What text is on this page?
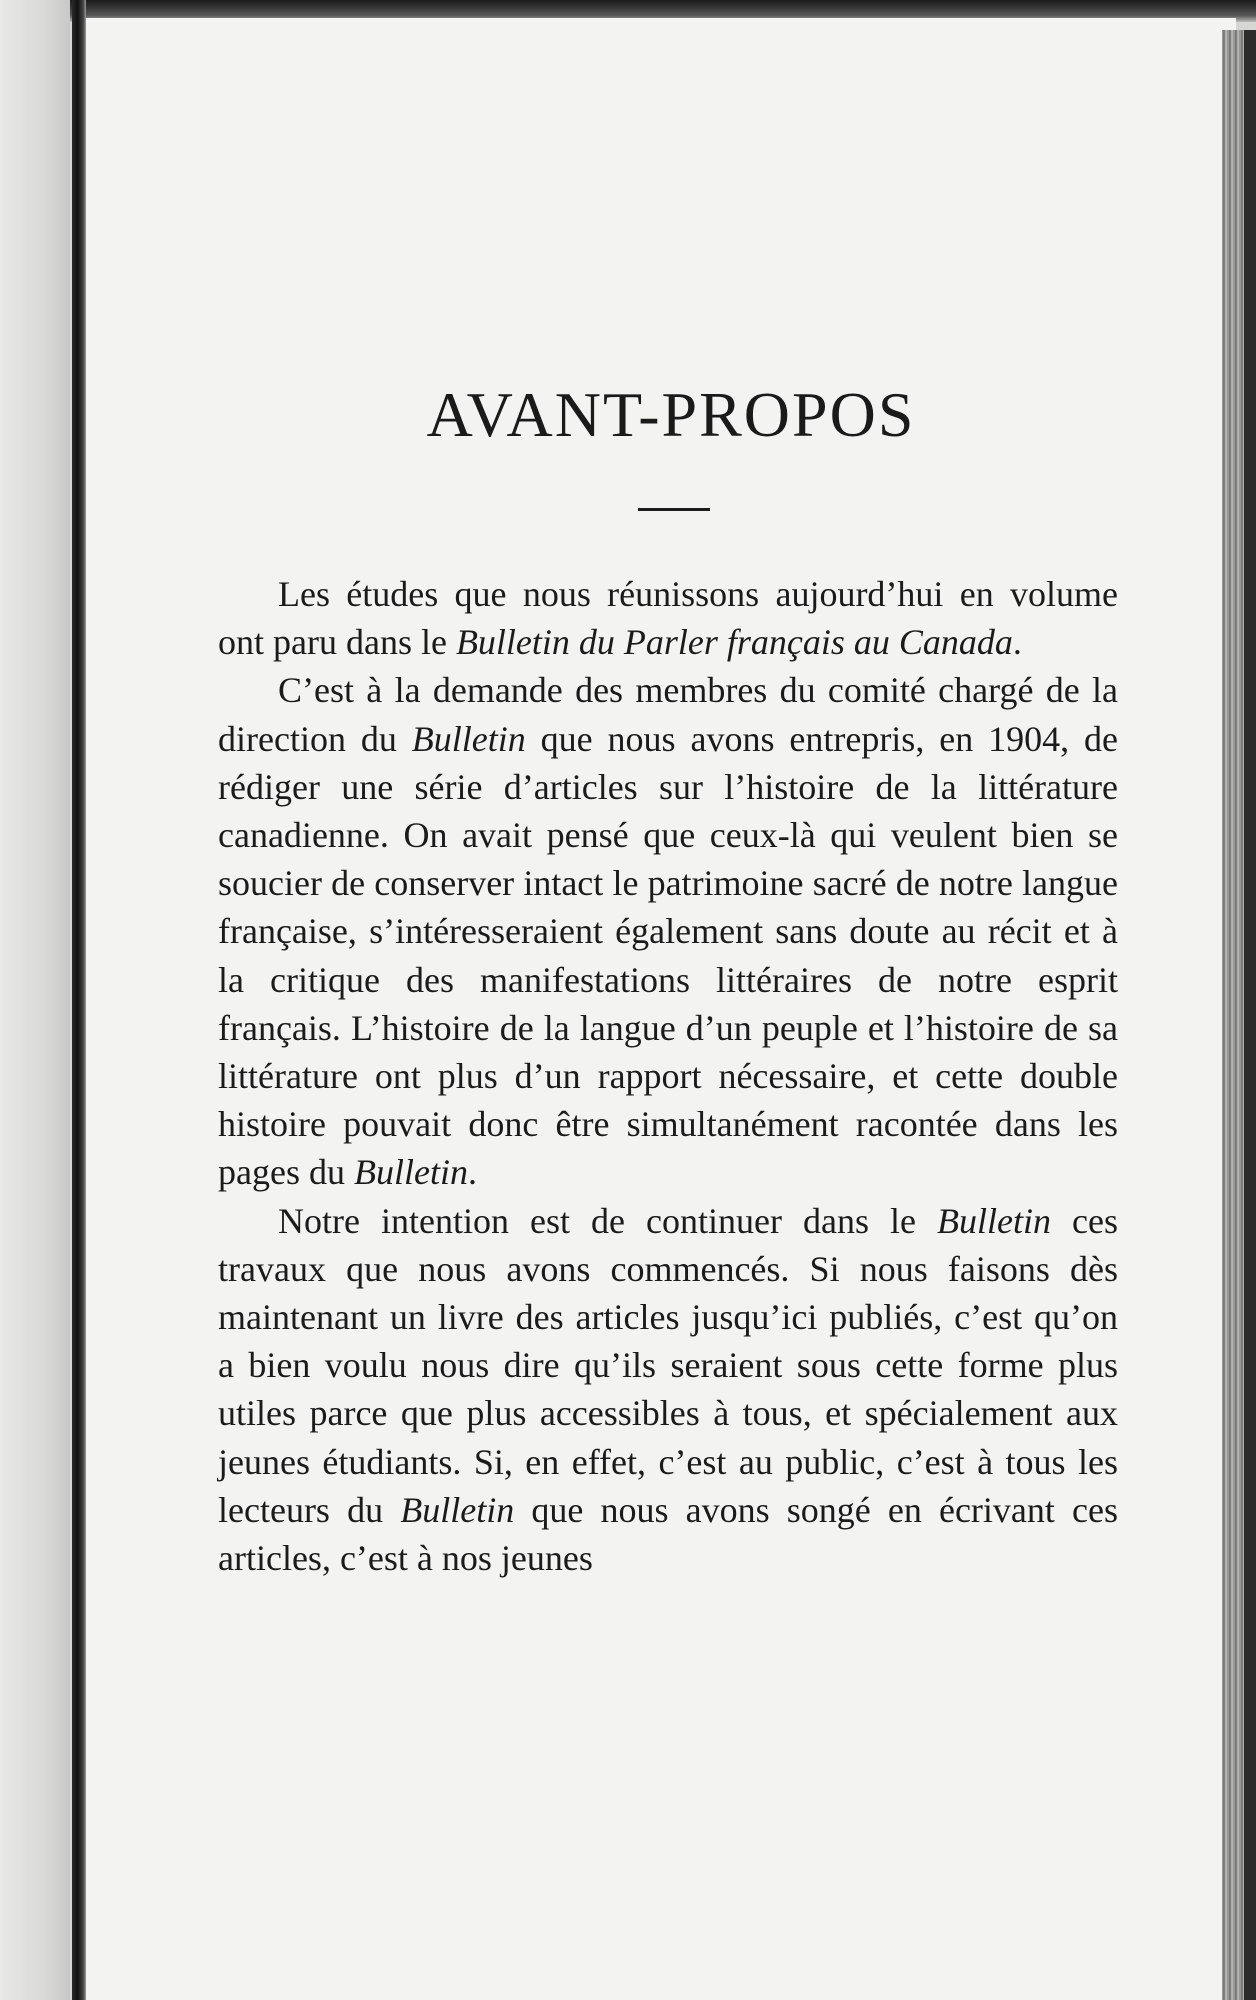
AVANT-PROPOS

Les études que nous réunissons aujourd’hui en volume ont paru dans le Bulletin du Parler français au Canada.

C’est à la demande des membres du comité chargé de la direction du Bulletin que nous avons entrepris, en 1904, de rédiger une série d’articles sur l’histoire de la littérature canadienne. On avait pensé que ceux-là qui veulent bien se soucier de conserver intact le patrimoine sacré de notre langue française, s’intéresseraient également sans doute au récit et à la critique des manifestations littéraires de notre esprit français. L’histoire de la langue d’un peuple et l’histoire de sa littérature ont plus d’un rapport nécessaire, et cette double histoire pouvait donc être simultanément racontée dans les pages du Bulletin.

Notre intention est de continuer dans le Bulletin ces travaux que nous avons commencés. Si nous faisons dès maintenant un livre des articles jusqu’ici publiés, c’est qu’on a bien voulu nous dire qu’ils seraient sous cette forme plus utiles parce que plus accessibles à tous, et spécialement aux jeunes étudiants. Si, en effet, c’est au public, c’est à tous les lecteurs du Bulletin que nous avons songé en écrivant ces articles, c’est à nos jeunes
